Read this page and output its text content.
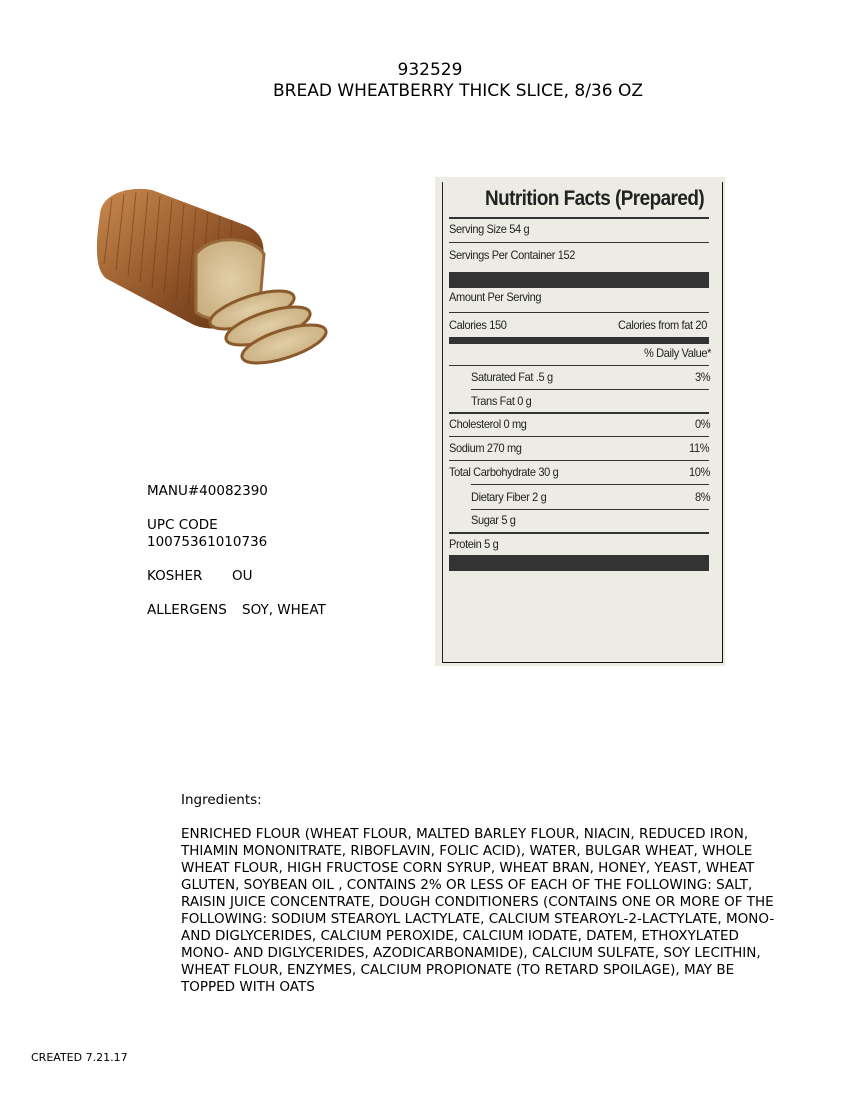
932529
BREAD WHEATBERRY THICK SLICE, 8/36 OZ
MANU#40082390
UPC CODE
10075361010736
KOSHER OU
ALLERGENS SOY, WHEAT
Nutrition Facts (Prepared)
Serving Size 54 g
Servings Per Container 152
Amount Per Serving
Calories 150	Calories from fat 20
% Daily Value*
Saturated Fat .5 g	3%
Trans Fat 0 g
Cholesterol 0 mg	0%
Sodium 270 mg	11%
Total Carbohydrate 30 g	10%
Dietary Fiber 2 g	8%
Sugar 5 g
Protein 5 g
Ingredients:
ENRICHED FLOUR (WHEAT FLOUR, MALTED BARLEY FLOUR, NIACIN, REDUCED IRON, THIAMIN MONONITRATE, RIBOFLAVIN, FOLIC ACID), WATER, BULGAR WHEAT, WHOLE WHEAT FLOUR, HIGH FRUCTOSE CORN SYRUP, WHEAT BRAN, HONEY, YEAST, WHEAT GLUTEN, SOYBEAN OIL , CONTAINS 2% OR LESS OF EACH OF THE FOLLOWING: SALT, RAISIN JUICE CONCENTRATE, DOUGH CONDITIONERS (CONTAINS ONE OR MORE OF THE FOLLOWING: SODIUM STEAROYL LACTYLATE, CALCIUM STEAROYL-2-LACTYLATE, MONO- AND DIGLYCERIDES, CALCIUM PEROXIDE, CALCIUM IODATE, DATEM, ETHOXYLATED MONO- AND DIGLYCERIDES, AZODICARBONAMIDE), CALCIUM SULFATE, SOY LECITHIN, WHEAT FLOUR, ENZYMES, CALCIUM PROPIONATE (TO RETARD SPOILAGE), MAY BE TOPPED WITH OATS
CREATED 7.21.17
